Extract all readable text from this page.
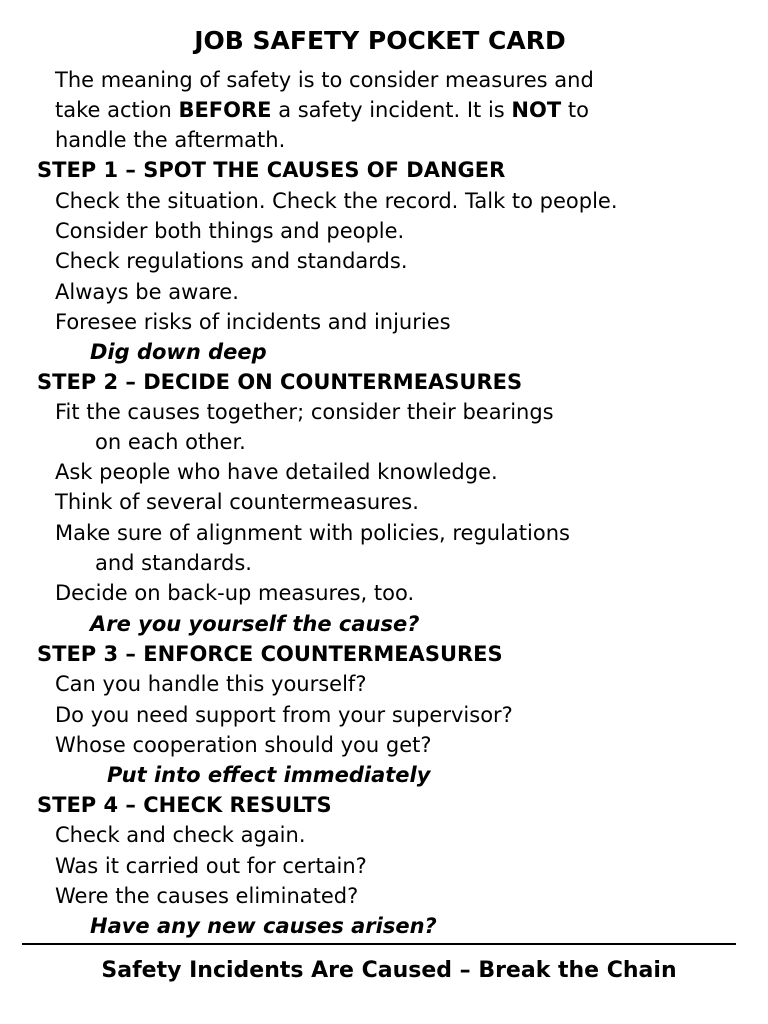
JOB SAFETY POCKET CARD
The meaning of safety is to consider measures and
take action BEFORE a safety incident. It is NOT to
handle the aftermath.
STEP 1 – SPOT THE CAUSES OF DANGER
Check the situation. Check the record. Talk to people.
Consider both things and people.
Check regulations and standards.
Always be aware.
Foresee risks of incidents and injuries
Dig down deep
STEP 2 – DECIDE ON COUNTERMEASURES
Fit the causes together; consider their bearings
on each other.
Ask people who have detailed knowledge.
Think of several countermeasures.
Make sure of alignment with policies, regulations
and standards.
Decide on back-up measures, too.
Are you yourself the cause?
STEP 3 – ENFORCE COUNTERMEASURES
Can you handle this yourself?
Do you need support from your supervisor?
Whose cooperation should you get?
Put into effect immediately
STEP 4 – CHECK RESULTS
Check and check again.
Was it carried out for certain?
Were the causes eliminated?
Have any new causes arisen?
Safety Incidents Are Caused – Break the Chain
